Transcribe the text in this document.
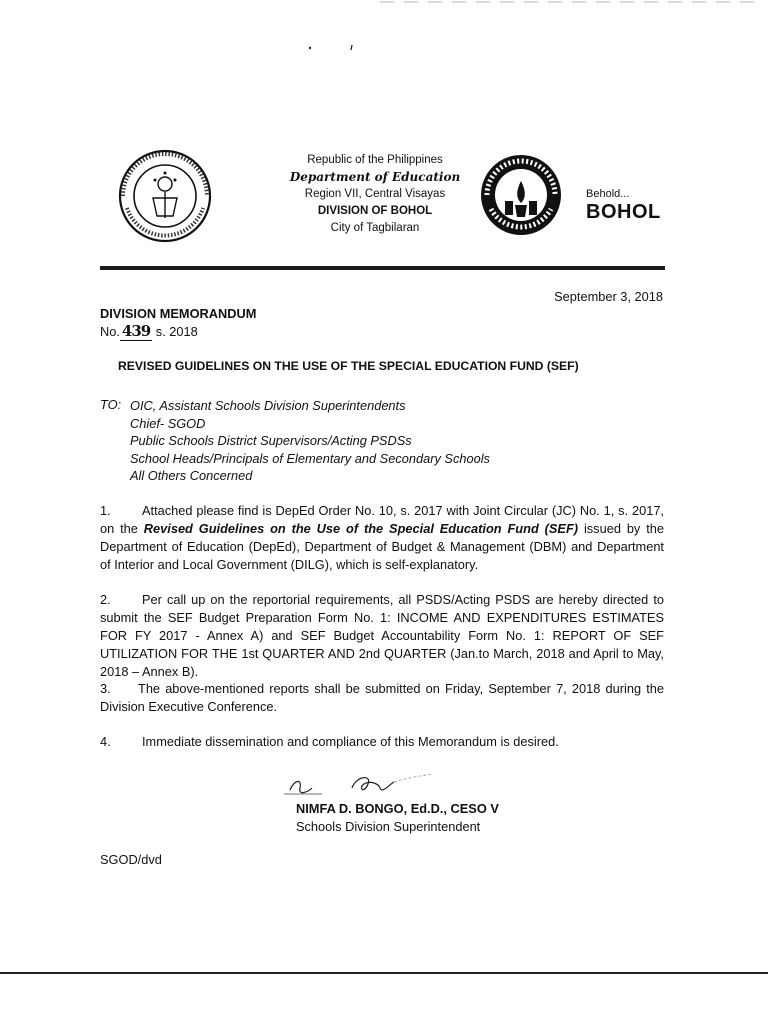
Republic of the Philippines
Department of Education
Region VII, Central Visayas
DIVISION OF BOHOL
City of Tagbilaran
Behold...
BOHOL
September 3, 2018
DIVISION MEMORANDUM
No. 439 s. 2018
REVISED GUIDELINES ON THE USE OF THE SPECIAL EDUCATION FUND (SEF)
TO: OIC, Assistant Schools Division Superintendents
Chief- SGOD
Public Schools District Supervisors/Acting PSDSs
School Heads/Principals of Elementary and Secondary Schools
All Others Concerned
1. Attached please find is DepEd Order No. 10, s. 2017 with Joint Circular (JC) No. 1, s. 2017, on the Revised Guidelines on the Use of the Special Education Fund (SEF) issued by the Department of Education (DepEd), Department of Budget & Management (DBM) and Department of Interior and Local Government (DILG), which is self-explanatory.
2. Per call up on the reportorial requirements, all PSDS/Acting PSDS are hereby directed to submit the SEF Budget Preparation Form No. 1: INCOME AND EXPENDITURES ESTIMATES FOR FY 2017 - Annex A) and SEF Budget Accountability Form No. 1: REPORT OF SEF UTILIZATION FOR THE 1st QUARTER AND 2nd QUARTER (Jan.to March, 2018 and April to May, 2018 – Annex B).
3. The above-mentioned reports shall be submitted on Friday, September 7, 2018 during the Division Executive Conference.
4. Immediate dissemination and compliance of this Memorandum is desired.
NIMFA D. BONGO, Ed.D., CESO V
Schools Division Superintendent
SGOD/dvd
